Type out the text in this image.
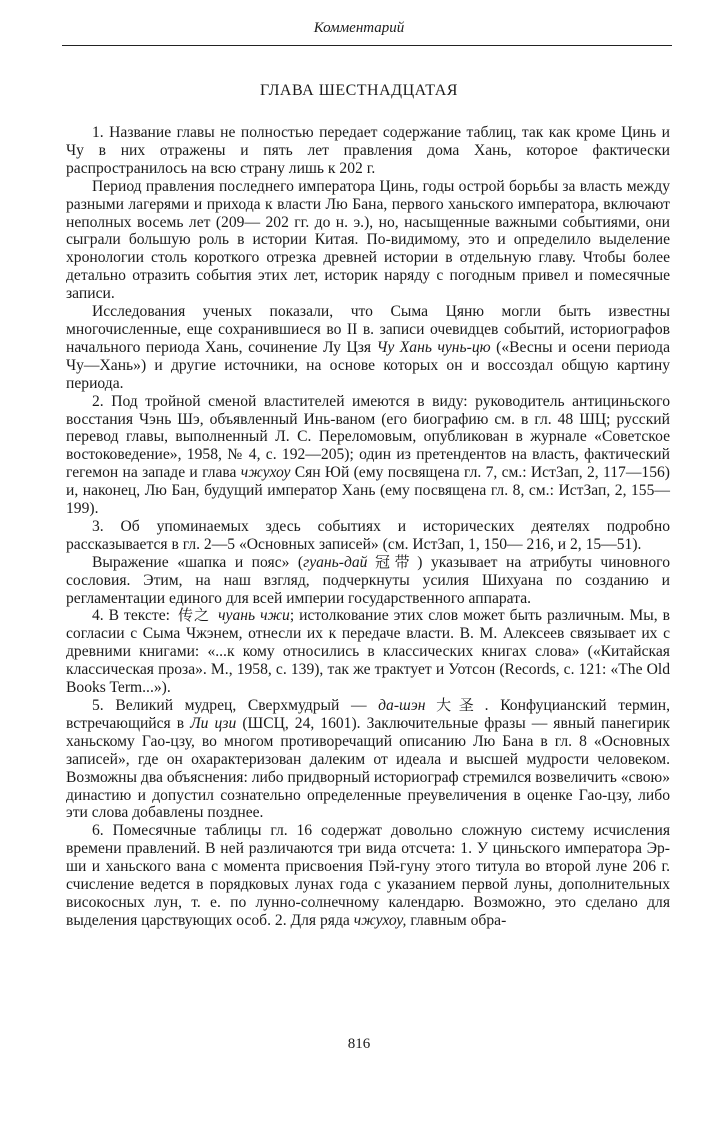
Комментарий
ГЛАВА ШЕСТНАДЦАТАЯ

1. Название главы не полностью передает содержание таблиц, так как кроме Цинь и Чу в них отражены и пять лет правления дома Хань, которое фактически распространилось на всю страну лишь к 202 г.

Период правления последнего императора Цинь, годы острой борьбы за власть между разными лагерями и прихода к власти Лю Бана, первого ханьского императора, включают неполных восемь лет (209— 202 гг. до н. э.), но, насыщенные важными событиями, они сыграли большую роль в истории Китая. По-видимому, это и определило выделение хронологии столь короткого отрезка древней истории в отдельную главу. Чтобы более детально отразить события этих лет, историк наряду с погодным привел и помесячные записи.

Исследования ученых показали, что Сыма Цяню могли быть известны многочисленные, еще сохранившиеся во II в. записи очевидцев событий, историографов начального периода Хань, сочинение Лу Цзя Чу Хань чунь-цю («Весны и осени периода Чу—Хань») и другие источники, на основе которых он и воссоздал общую картину периода.

2. Под тройной сменой властителей имеются в виду: руководитель антициньского восстания Чэнь Шэ, объявленный Инь-ваном (его биографию см. в гл. 48 ШЦ; русский перевод главы, выполненный Л. С. Переломовым, опубликован в журнале «Советское востоковедение», 1958, № 4, с. 192—205); один из претендентов на власть, фактический гегемон на западе и глава чжухоу Сян Юй (ему посвящена гл. 7, см.: ИстЗап, 2, 117—156) и, наконец, Лю Бан, будущий император Хань (ему посвящена гл. 8, см.: ИстЗап, 2, 155—199).

3. Об упоминаемых здесь событиях и исторических деятелях подробно рассказывается в гл. 2—5 «Основных записей» (см. ИстЗап, 1, 150— 216, и 2, 15—51).

Выражение «шапка и пояс» (гуань-дай 冠带 ) указывает на атрибуты чиновного сословия. Этим, на наш взгляд, подчеркнуты усилия Шихуана по созданию и регламентации единого для всей империи государственного аппарата.

4. В тексте: 传之 чуань чжи; истолкование этих слов может быть различным. Мы, в согласии с Сыма Чжэнем, отнесли их к передаче власти. В. М. Алексеев связывает их с древними книгами: «...к кому относились в классических книгах слова» («Китайская классическая проза». М., 1958, с. 139), так же трактует и Уотсон (Records, с. 121: «The Old Books Term...»).

5. Великий мудрец, Сверхмудрый — да-шэн 大圣 . Конфуцианский термин, встречающийся в Ли цзи (ШСЦ, 24, 1601). Заключительные фразы — явный панегирик ханьскому Гао-цзу, во многом противоречащий описанию Лю Бана в гл. 8 «Основных записей», где он охарактеризован далеким от идеала и высшей мудрости человеком. Возможны два объяснения: либо придворный историограф стремился возвеличить «свою» династию и допустил сознательно определенные преувеличения в оценке Гао-цзу, либо эти слова добавлены позднее.

6. Помесячные таблицы гл. 16 содержат довольно сложную систему исчисления времени правлений. В ней различаются три вида отсчета: 1. У циньского императора Эр-ши и ханьского вана с момента присвоения Пэй-гуну этого титула во второй луне 206 г. счисление ведется в порядковых лунах года с указанием первой луны, дополнительных високосных лун, т. е. по лунно-солнечному календарю. Возможно, это сделано для выделения царствующих особ. 2. Для ряда чжухоу, главным обра-

816
